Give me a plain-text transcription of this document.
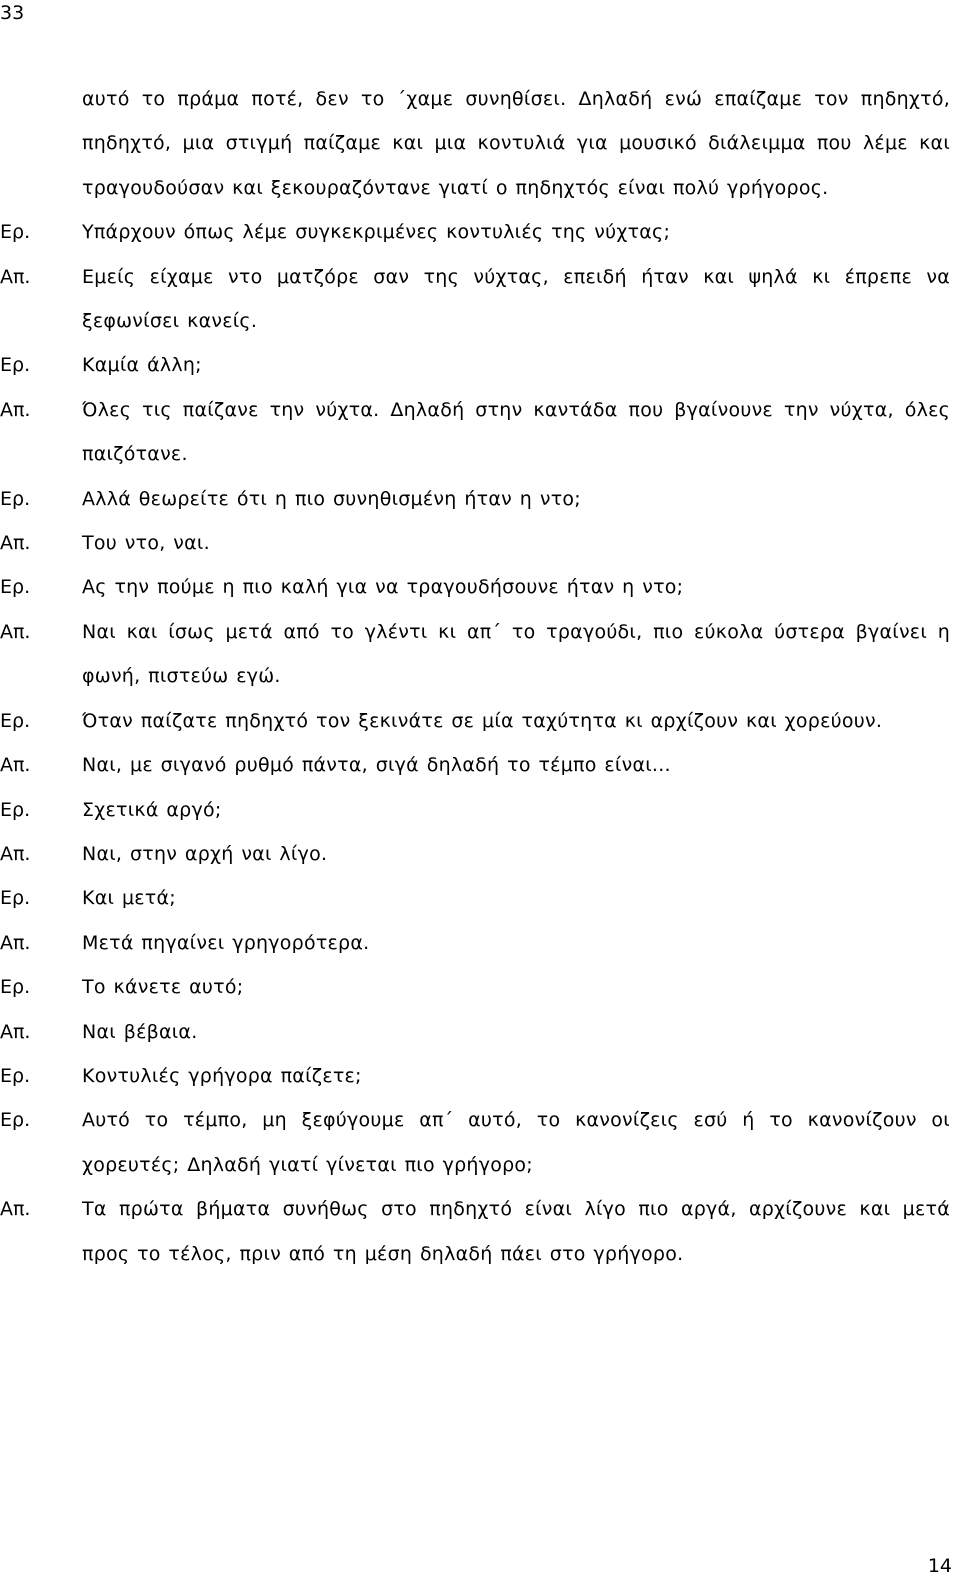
33
αυτό το πράμα ποτέ, δεν το ΄χαμε συνηθίσει. Δηλαδή ενώ επαίζαμε τον πηδηχτό, πηδηχτό, μια στιγμή παίζαμε και μια κοντυλιά για μουσικό διάλειμμα που λέμε και τραγουδούσαν και ξεκουραζόντανε γιατί ο πηδηχτός είναι πολύ γρήγορος.
Ερ.	Υπάρχουν όπως λέμε συγκεκριμένες κοντυλιές της νύχτας;
Απ.	Εμείς είχαμε ντο ματζόρε σαν της νύχτας, επειδή ήταν και ψηλά κι έπρεπε να ξεφωνίσει κανείς.
Ερ.	Καμία άλλη;
Απ.	Όλες τις παίζανε την νύχτα. Δηλαδή στην καντάδα που βγαίνουνε την νύχτα, όλες παιζότανε.
Ερ.	Αλλά θεωρείτε ότι η πιο συνηθισμένη ήταν η ντο;
Απ.	Του ντο, ναι.
Ερ.	Ας την πούμε η πιο καλή για να τραγουδήσουνε ήταν η ντο;
Απ.	Ναι και ίσως μετά από το γλέντι κι απ΄ το τραγούδι, πιο εύκολα ύστερα βγαίνει η φωνή, πιστεύω εγώ.
Ερ.	Όταν παίζατε πηδηχτό τον ξεκινάτε σε μία ταχύτητα κι αρχίζουν και χορεύουν.
Απ.	Ναι, με σιγανό ρυθμό πάντα, σιγά δηλαδή το τέμπο είναι...
Ερ.	Σχετικά αργό;
Απ.	Ναι, στην αρχή ναι λίγο.
Ερ.	Και μετά;
Απ.	Μετά πηγαίνει γρηγορότερα.
Ερ.	Το κάνετε αυτό;
Απ.	Ναι βέβαια.
Ερ.	Κοντυλιές γρήγορα παίζετε;
Ερ.	Αυτό το τέμπο, μη ξεφύγουμε απ΄ αυτό, το κανονίζεις εσύ ή το κανονίζουν οι χορευτές; Δηλαδή γιατί γίνεται πιο γρήγορο;
Απ.	Τα πρώτα βήματα συνήθως στο πηδηχτό είναι λίγο πιο αργά, αρχίζουνε και μετά προς το τέλος, πριν από τη μέση δηλαδή πάει στο γρήγορο.
14
